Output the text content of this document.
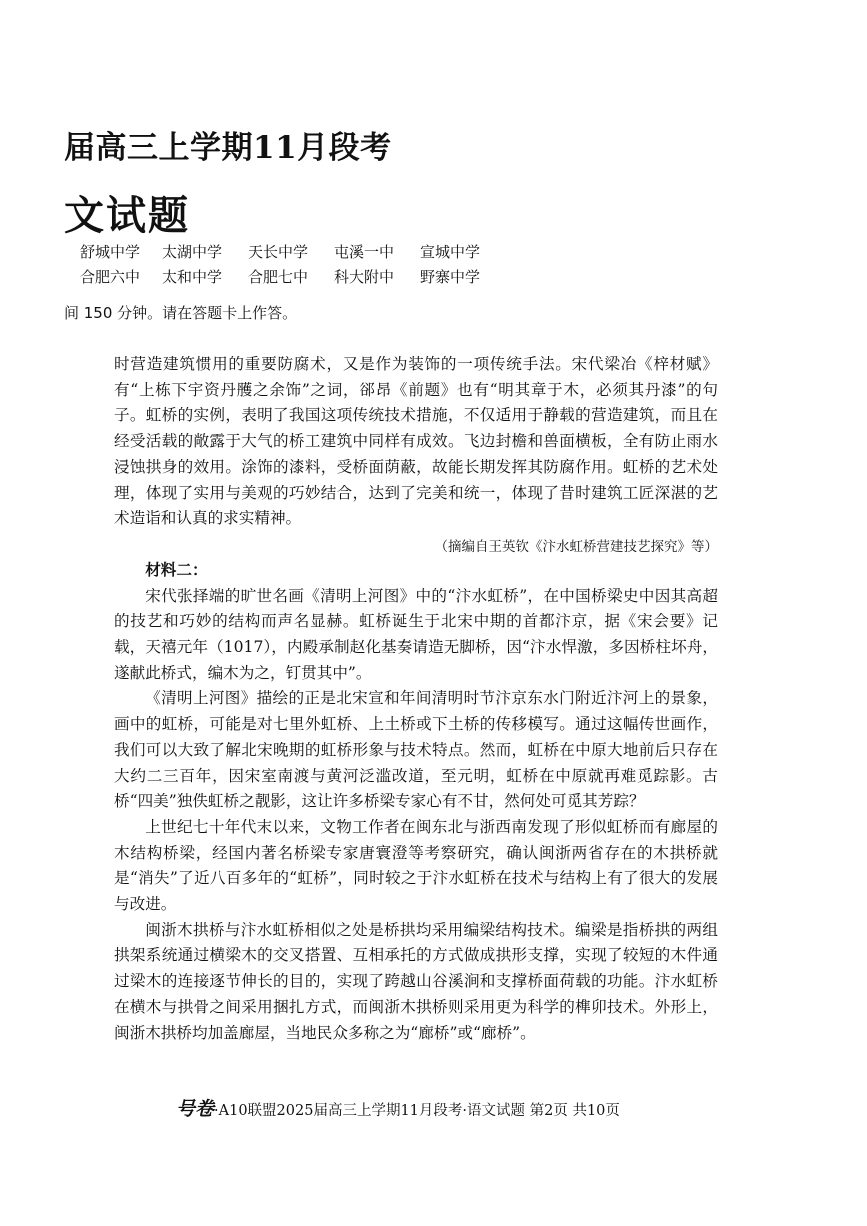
届高三上学期11月段考
文试题
舒城中学	太湖中学	天长中学	屯溪一中	宣城中学
合肥六中	太和中学	合肥七中	科大附中	野寨中学
间 150 分钟。请在答题卡上作答。

时营造建筑惯用的重要防腐术，又是作为装饰的一项传统手法。宋代梁冶《梓材赋》有“上栋下宇资丹雘之余饰”之词，郤昂《前题》也有“明其章于木，必须其丹漆”的句子。虹桥的实例，表明了我国这项传统技术措施，不仅适用于静载的营造建筑，而且在经受活载的敞露于大气的桥工建筑中同样有成效。飞边封檐和兽面横板，全有防止雨水浸蚀拱身的效用。涂饰的漆料，受桥面荫蔽，故能长期发挥其防腐作用。虹桥的艺术处理，体现了实用与美观的巧妙结合，达到了完美和统一，体现了昔时建筑工匠深湛的艺术造诣和认真的求实精神。

（摘编自王英钦《汴水虹桥营建技艺探究》等）

材料二：

宋代张择端的旷世名画《清明上河图》中的“汴水虹桥”，在中国桥梁史中因其高超的技艺和巧妙的结构而声名显赫。虹桥诞生于北宋中期的首都汴京，据《宋会要》记载，天禧元年（1017），内殿承制赵化基奏请造无脚桥，因“汴水悍激，多因桥柱坏舟，遂献此桥式，编木为之，钉贯其中”。

《清明上河图》描绘的正是北宋宣和年间清明时节汴京东水门附近汴河上的景象，画中的虹桥，可能是对七里外虹桥、上土桥或下土桥的传移模写。通过这幅传世画作，我们可以大致了解北宋晚期的虹桥形象与技术特点。然而，虹桥在中原大地前后只存在大约二三百年，因宋室南渡与黄河泛滥改道，至元明，虹桥在中原就再难觅踪影。古桥“四美”独佚虹桥之靓影，这让许多桥梁专家心有不甘，然何处可觅其芳踪？

上世纪七十年代末以来，文物工作者在闽东北与浙西南发现了形似虹桥而有廊屋的木结构桥梁，经国内著名桥梁专家唐寰澄等考察研究，确认闽浙两省存在的木拱桥就是“消失”了近八百多年的“虹桥”，同时较之于汴水虹桥在技术与结构上有了很大的发展与改进。

闽浙木拱桥与汴水虹桥相似之处是桥拱均采用编梁结构技术。编梁是指桥拱的两组拱架系统通过横梁木的交叉搭置、互相承托的方式做成拱形支撑，实现了较短的木件通过梁木的连接逐节伸长的目的，实现了跨越山谷溪涧和支撑桥面荷载的功能。汴水虹桥在横木与拱骨之间采用捆扎方式，而闽浙木拱桥则采用更为科学的榫卯技术。外形上，闽浙木拱桥均加盖廊屋，当地民众多称之为“廊桥”或“廊桥”。

号卷·A10联盟2025届高三上学期11月段考·语文试题 第2页 共10页
